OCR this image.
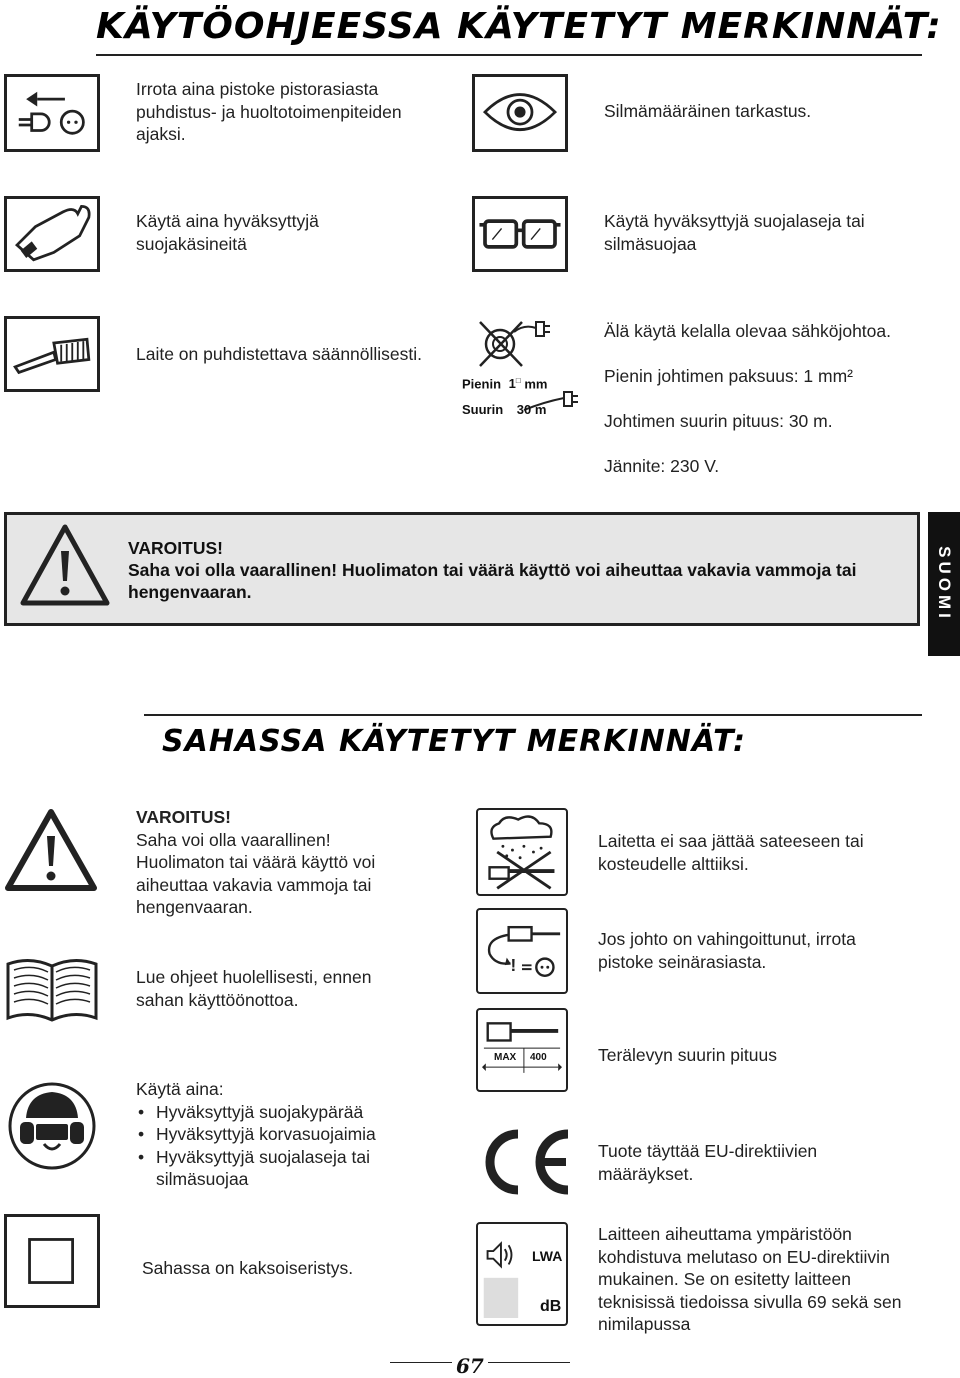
KÄYTÖOHJEESSA KÄYTETYT MERKINNÄT:
Irrota aina pistoke pistorasiasta puhdistus- ja huoltotoimenpiteiden ajaksi.
Silmämääräinen tarkastus.
Käytä aina hyväksyttyjä suojakäsineitä
Käytä hyväksyttyjä suojalaseja tai silmäsuojaa
Laite on puhdistettava säännöllisesti.
Pienin 1□ mm
Suurin 30 m
Älä käytä kelalla olevaa sähköjohtoa.
Pienin johtimen paksuus: 1 mm²
Johtimen suurin pituus: 30 m.
Jännite: 230 V.
VAROITUS!
Saha voi olla vaarallinen! Huolimaton tai väärä käyttö voi aiheuttaa vakavia vammoja tai hengenvaaran.	SUOMI
SAHASSA KÄYTETYT MERKINNÄT:
VAROITUS!
Saha voi olla vaarallinen!
Huolimaton tai väärä käyttö voi aiheuttaa vakavia vammoja tai hengenvaaran.
Laitetta ei saa jättää sateeseen tai kosteudelle alttiiksi.
!
Jos johto on vahingoittunut, irrota pistoke seinärasiasta.
Lue ohjeet huolellisesti, ennen sahan käyttöönottoa.
MAX 400	Terälevyn suurin pituus
Käytä aina:
• Hyväksyttyjä suojakypärää
• Hyväksyttyjä korvasuojaimia
• Hyväksyttyjä suojalaseja tai silmäsuojaa
Tuote täyttää EU-direktiivien määräykset.
Sahassa on kaksoiseristys.
LWA
dB
Laitteen aiheuttama ympäristöön kohdistuva melutaso on EU-direktiivin mukainen. Se on esitetty laitteen teknisissä tiedoissa sivulla 69 sekä sen nimilapussa
67
